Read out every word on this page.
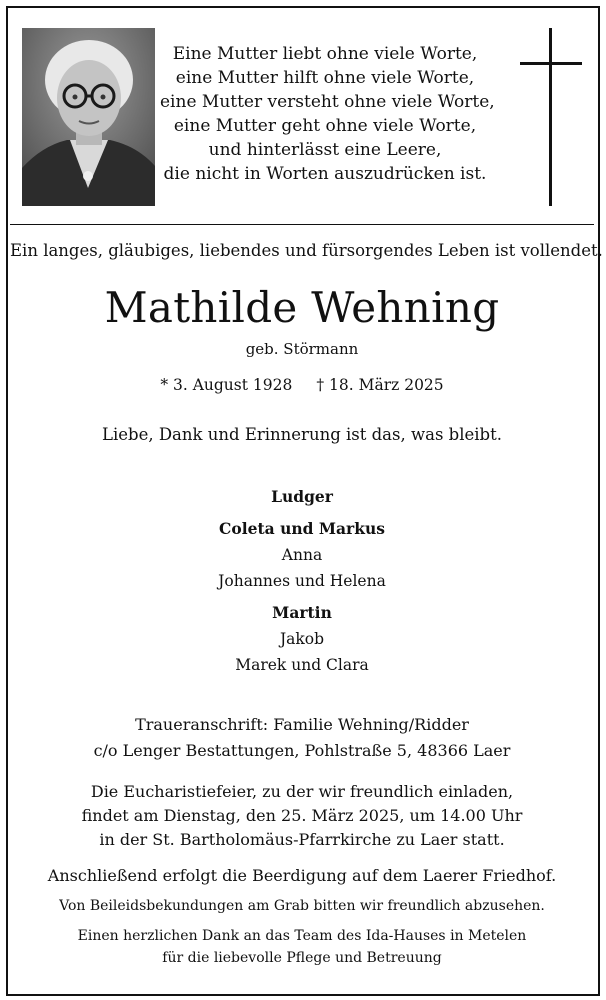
Eine Mutter liebt ohne viele Worte,
eine Mutter hilft ohne viele Worte,
eine Mutter versteht ohne viele Worte,
eine Mutter geht ohne viele Worte,
und hinterlässt eine Leere,
die nicht in Worten auszudrücken ist.
Ein langes, gläubiges, liebendes und fürsorgendes Leben ist vollendet.
Mathilde Wehning
geb. Störmann
* 3. August 1928 † 18. März 2025
Liebe, Dank und Erinnerung ist das, was bleibt.
Ludger
Coleta und Markus
Anna
Johannes und Helena
Martin
Jakob
Marek und Clara
Traueranschrift: Familie Wehning/Ridder
c/o Lenger Bestattungen, Pohlstraße 5, 48366 Laer
Die Eucharistiefeier, zu der wir freundlich einladen,
findet am Dienstag, den 25. März 2025, um 14.00 Uhr
in der St. Bartholomäus-Pfarrkirche zu Laer statt.
Anschließend erfolgt die Beerdigung auf dem Laerer Friedhof.
Von Beileidsbekundungen am Grab bitten wir freundlich abzusehen.
Einen herzlichen Dank an das Team des Ida-Hauses in Metelen
für die liebevolle Pflege und Betreuung
